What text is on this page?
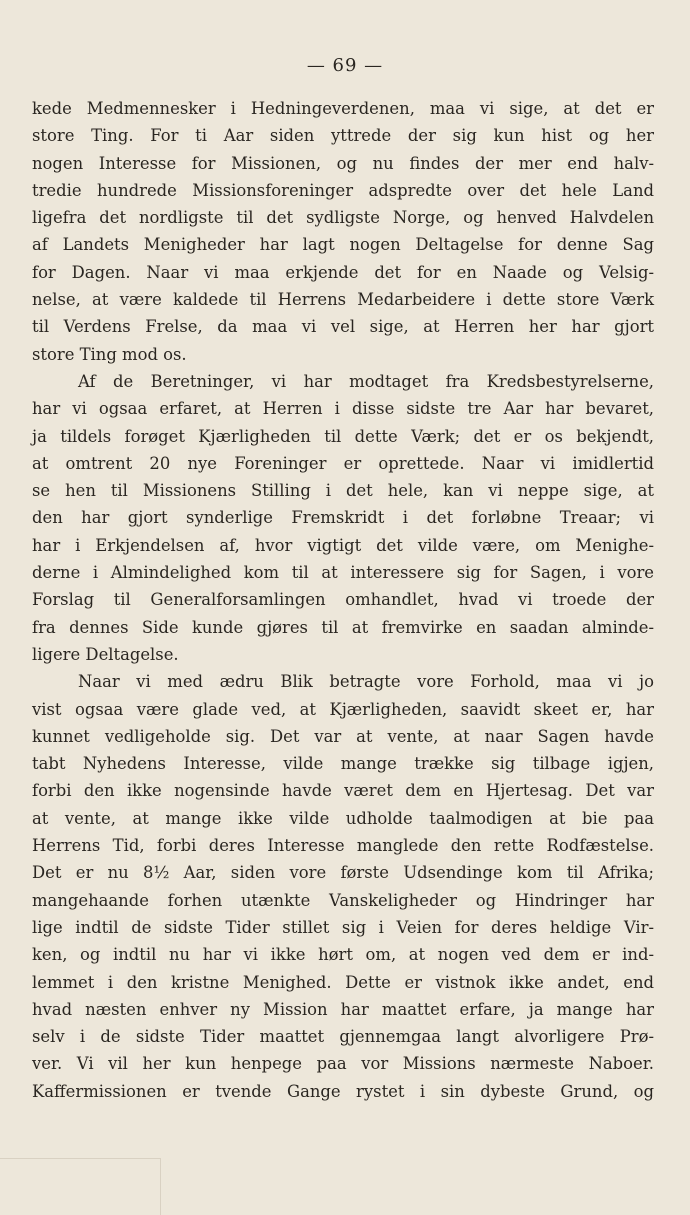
— 69 —
kede Medmennesker i Hedningeverdenen, maa vi sige, at det er
store Ting. For ti Aar siden yttrede der sig kun hist og her
nogen Interesse for Missionen, og nu findes der mer end halv-
tredie hundrede Missionsforeninger adspredte over det hele Land
ligefra det nordligste til det sydligste Norge, og henved Halvdelen
af Landets Menigheder har lagt nogen Deltagelse for denne Sag
for Dagen. Naar vi maa erkjende det for en Naade og Velsig-
nelse, at være kaldede til Herrens Medarbeidere i dette store Værk
til Verdens Frelse, da maa vi vel sige, at Herren her har gjort
store Ting mod os.
Af de Beretninger, vi har modtaget fra Kredsbestyrelserne,
har vi ogsaa erfaret, at Herren i disse sidste tre Aar har bevaret,
ja tildels forøget Kjærligheden til dette Værk; det er os bekjendt,
at omtrent 20 nye Foreninger er oprettede. Naar vi imidlertid
se hen til Missionens Stilling i det hele, kan vi neppe sige, at
den har gjort synderlige Fremskridt i det forløbne Treaar; vi
har i Erkjendelsen af, hvor vigtigt det vilde være, om Menighe-
derne i Almindelighed kom til at interessere sig for Sagen, i vore
Forslag til Generalforsamlingen omhandlet, hvad vi troede der
fra dennes Side kunde gjøres til at fremvirke en saadan alminde-
ligere Deltagelse.
Naar vi med ædru Blik betragte vore Forhold, maa vi jo
vist ogsaa være glade ved, at Kjærligheden, saavidt skeet er, har
kunnet vedligeholde sig. Det var at vente, at naar Sagen havde
tabt Nyhedens Interesse, vilde mange trække sig tilbage igjen,
forbi den ikke nogensinde havde været dem en Hjertesag. Det var
at vente, at mange ikke vilde udholde taalmodigen at bie paa
Herrens Tid, forbi deres Interesse manglede den rette Rodfæstelse.
Det er nu 8½ Aar, siden vore første Udsendinge kom til Afrika;
mangehaande forhen utænkte Vanskeligheder og Hindringer har
lige indtil de sidste Tider stillet sig i Veien for deres heldige Vir-
ken, og indtil nu har vi ikke hørt om, at nogen ved dem er ind-
lemmet i den kristne Menighed. Dette er vistnok ikke andet, end
hvad næsten enhver ny Mission har maattet erfare, ja mange har
selv i de sidste Tider maattet gjennemgaa langt alvorligere Prø-
ver. Vi vil her kun henpege paa vor Missions nærmeste Naboer.
Kaffermissionen er tvende Gange rystet i sin dybeste Grund, og
